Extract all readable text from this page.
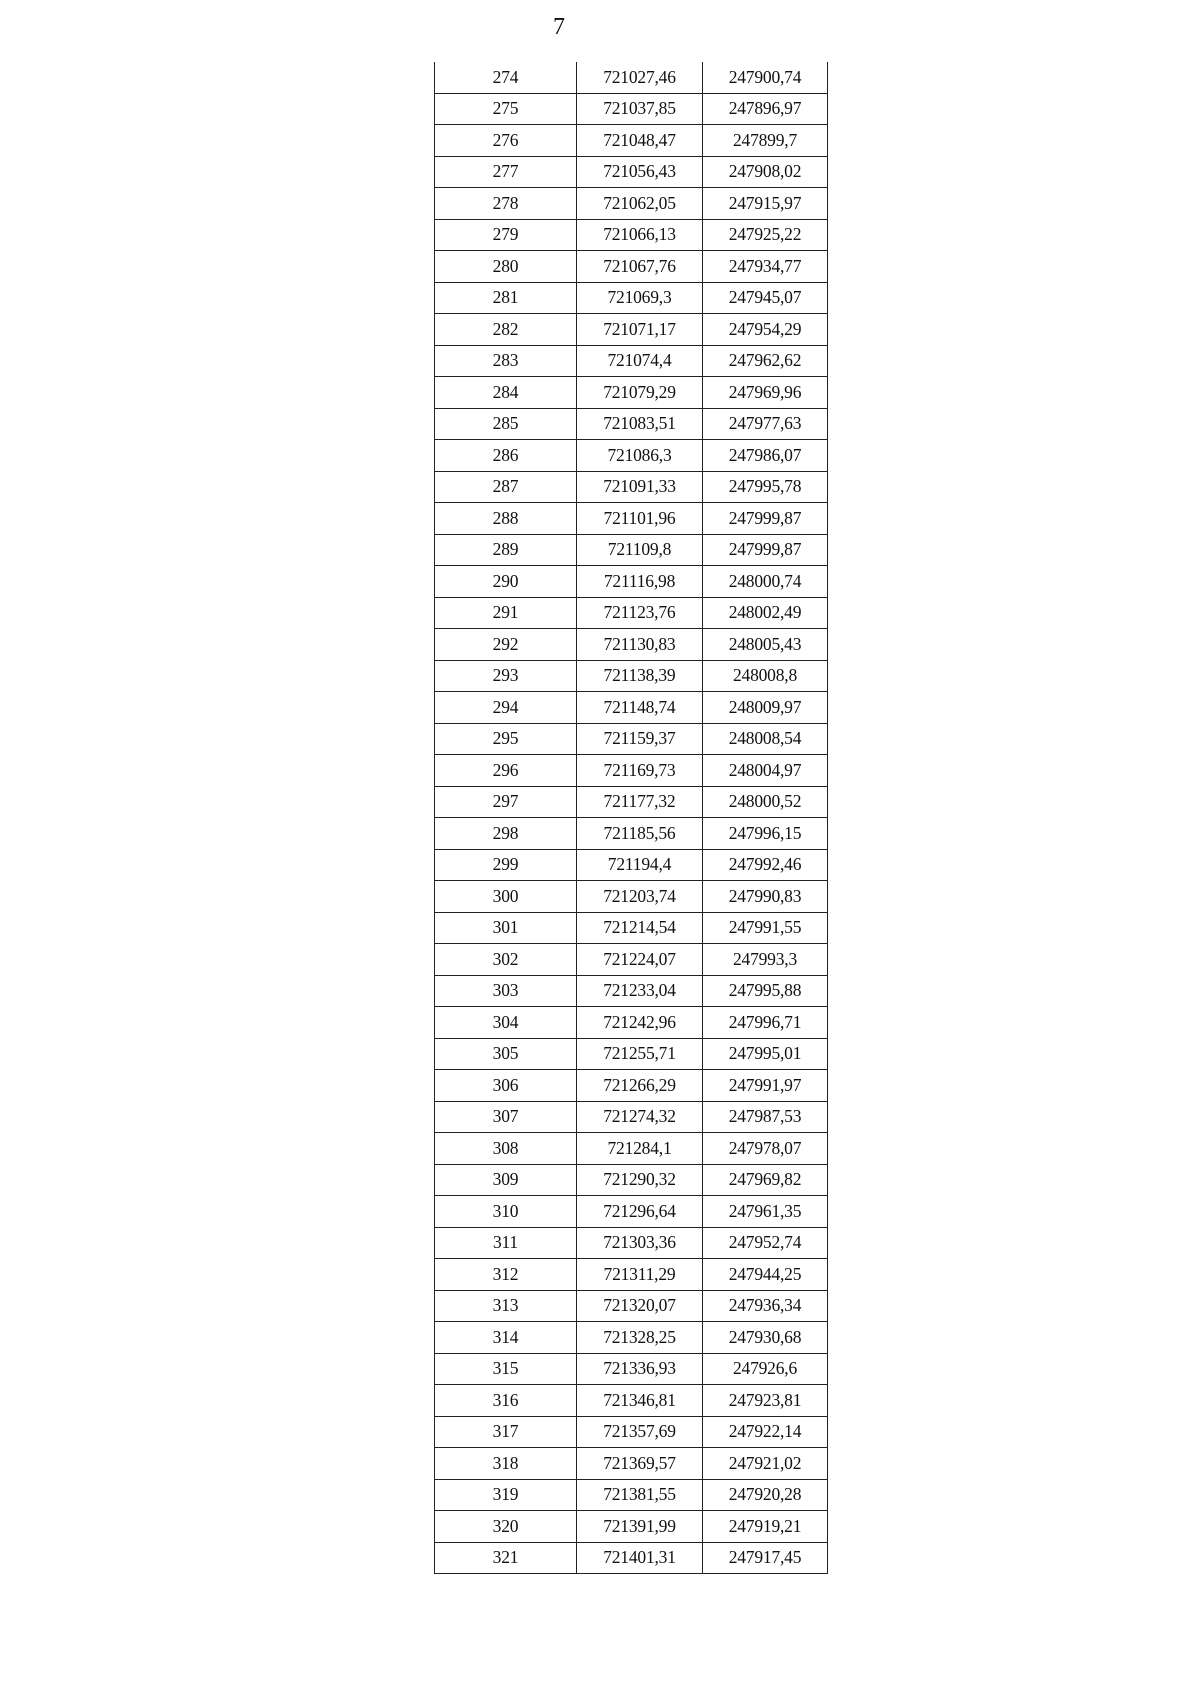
7
274	721027,46	247900,74
275	721037,85	247896,97
276	721048,47	247899,7
277	721056,43	247908,02
278	721062,05	247915,97
279	721066,13	247925,22
280	721067,76	247934,77
281	721069,3	247945,07
282	721071,17	247954,29
283	721074,4	247962,62
284	721079,29	247969,96
285	721083,51	247977,63
286	721086,3	247986,07
287	721091,33	247995,78
288	721101,96	247999,87
289	721109,8	247999,87
290	721116,98	248000,74
291	721123,76	248002,49
292	721130,83	248005,43
293	721138,39	248008,8
294	721148,74	248009,97
295	721159,37	248008,54
296	721169,73	248004,97
297	721177,32	248000,52
298	721185,56	247996,15
299	721194,4	247992,46
300	721203,74	247990,83
301	721214,54	247991,55
302	721224,07	247993,3
303	721233,04	247995,88
304	721242,96	247996,71
305	721255,71	247995,01
306	721266,29	247991,97
307	721274,32	247987,53
308	721284,1	247978,07
309	721290,32	247969,82
310	721296,64	247961,35
311	721303,36	247952,74
312	721311,29	247944,25
313	721320,07	247936,34
314	721328,25	247930,68
315	721336,93	247926,6
316	721346,81	247923,81
317	721357,69	247922,14
318	721369,57	247921,02
319	721381,55	247920,28
320	721391,99	247919,21
321	721401,31	247917,45
